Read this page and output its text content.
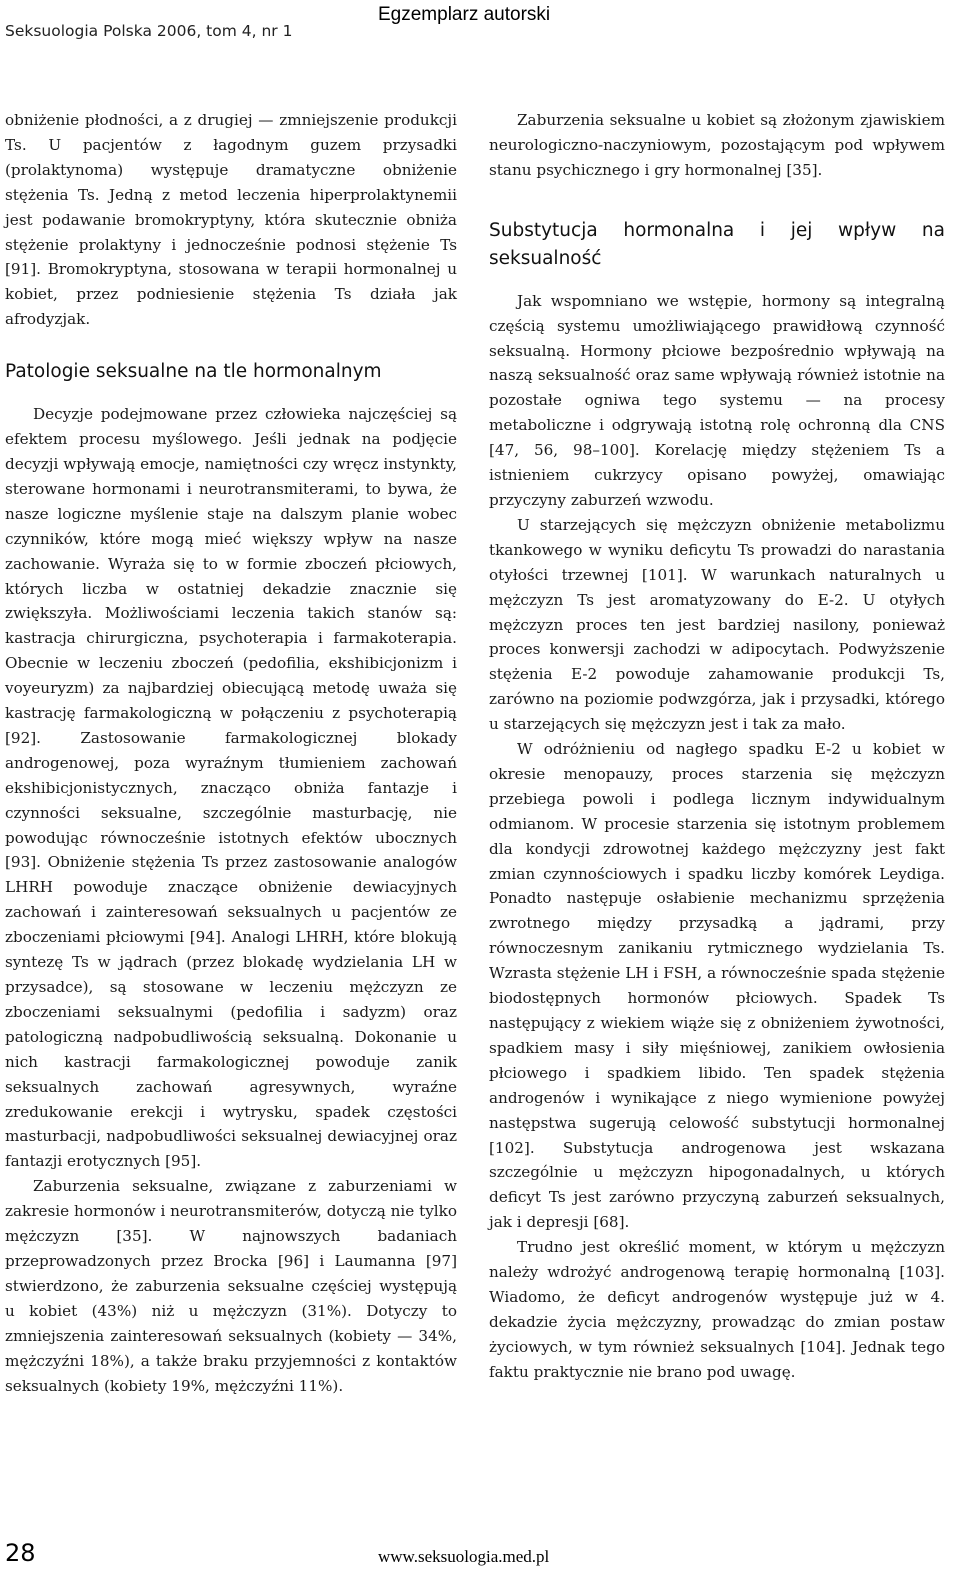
Seksuologia Polska 2006, tom 4, nr 1
Egzemplarz autorski

obniżenie płodności, a z drugiej — zmniejszenie produkcji Ts. U pacjentów z łagodnym guzem przysadki (prolaktynoma) występuje dramatyczne obniżenie stężenia Ts. Jedną z metod leczenia hiperprolaktynemii jest podawanie bromokryptyny, która skutecznie obniża stężenie prolaktyny i jednocześnie podnosi stężenie Ts [91]. Bromokryptyna, stosowana w terapii hormonalnej u kobiet, przez podniesienie stężenia Ts działa jak afrodyzjak.

Patologie seksualne na tle hormonalnym

Decyzje podejmowane przez człowieka najczęściej są efektem procesu myślowego. Jeśli jednak na podjęcie decyzji wpływają emocje, namiętności czy wręcz instynkty, sterowane hormonami i neurotransmiterami, to bywa, że nasze logiczne myślenie staje na dalszym planie wobec czynników, które mogą mieć większy wpływ na nasze zachowanie. Wyraża się to w formie zboczeń płciowych, których liczba w ostatniej dekadzie znacznie się zwiększyła. Możliwościami leczenia takich stanów są: kastracja chirurgiczna, psychoterapia i farmakoterapia. Obecnie w leczeniu zboczeń (pedofilia, ekshibicjonizm i voyeuryzm) za najbardziej obiecującą metodę uważa się kastrację farmakologiczną w połączeniu z psychoterapią [92]. Zastosowanie farmakologicznej blokady androgenowej, poza wyraźnym tłumieniem zachowań ekshibicjonistycznych, znacząco obniża fantazje i czynności seksualne, szczególnie masturbację, nie powodując równocześnie istotnych efektów ubocznych [93]. Obniżenie stężenia Ts przez zastosowanie analogów LHRH powoduje znaczące obniżenie dewiacyjnych zachowań i zainteresowań seksualnych u pacjentów ze zboczeniami płciowymi [94]. Analogi LHRH, które blokują syntezę Ts w jądrach (przez blokadę wydzielania LH w przysadce), są stosowane w leczeniu mężczyzn ze zboczeniami seksualnymi (pedofilia i sadyzm) oraz patologiczną nadpobudliwością seksualną. Dokonanie u nich kastracji farmakologicznej powoduje zanik seksualnych zachowań agresywnych, wyraźne zredukowanie erekcji i wytrysku, spadek częstości masturbacji, nadpobudliwości seksualnej dewiacyjnej oraz fantazji erotycznych [95].

Zaburzenia seksualne, związane z zaburzeniami w zakresie hormonów i neurotransmiterów, dotyczą nie tylko mężczyzn [35]. W najnowszych badaniach przeprowadzonych przez Brocka [96] i Laumanna [97] stwierdzono, że zaburzenia seksualne częściej występują u kobiet (43%) niż u mężczyzn (31%). Dotyczy to zmniejszenia zainteresowań seksualnych (kobiety — 34%, mężczyźni 18%), a także braku przyjemności z kontaktów seksualnych (kobiety 19%, mężczyźni 11%).

Zaburzenia seksualne u kobiet są złożonym zjawiskiem neurologiczno-naczyniowym, pozostającym pod wpływem stanu psychicznego i gry hormonalnej [35].

Substytucja hormonalna i jej wpływ na seksualność

Jak wspomniano we wstępie, hormony są integralną częścią systemu umożliwiającego prawidłową czynność seksualną. Hormony płciowe bezpośrednio wpływają na naszą seksualność oraz same wpływają również istotnie na pozostałe ogniwa tego systemu — na procesy metaboliczne i odgrywają istotną rolę ochronną dla CNS [47, 56, 98–100]. Korelację między stężeniem Ts a istnieniem cukrzycy opisano powyżej, omawiając przyczyny zaburzeń wzwodu.

U starzejących się mężczyzn obniżenie metabolizmu tkankowego w wyniku deficytu Ts prowadzi do narastania otyłości trzewnej [101]. W warunkach naturalnych u mężczyzn Ts jest aromatyzowany do E-2. U otyłych mężczyzn proces ten jest bardziej nasilony, ponieważ proces konwersji zachodzi w adipocytach. Podwyższenie stężenia E-2 powoduje zahamowanie produkcji Ts, zarówno na poziomie podwzgórza, jak i przysadki, którego u starzejących się mężczyzn jest i tak za mało.

W odróżnieniu od nagłego spadku E-2 u kobiet w okresie menopauzy, proces starzenia się mężczyzn przebiega powoli i podlega licznym indywidualnym odmianom. W procesie starzenia się istotnym problemem dla kondycji zdrowotnej każdego mężczyzny jest fakt zmian czynnościowych i spadku liczby komórek Leydiga. Ponadto następuje osłabienie mechanizmu sprzężenia zwrotnego między przysadką a jądrami, przy równoczesnym zanikaniu rytmicznego wydzielania Ts. Wzrasta stężenie LH i FSH, a równocześnie spada stężenie biodostępnych hormonów płciowych. Spadek Ts następujący z wiekiem wiąże się z obniżeniem żywotności, spadkiem masy i siły mięśniowej, zanikiem owłosienia płciowego i spadkiem libido. Ten spadek stężenia androgenów i wynikające z niego wymienione powyżej następstwa sugerują celowość substytucji hormonalnej [102]. Substytucja androgenowa jest wskazana szczególnie u mężczyzn hipogonadalnych, u których deficyt Ts jest zarówno przyczyną zaburzeń seksualnych, jak i depresji [68].

Trudno jest określić moment, w którym u mężczyzn należy wdrożyć androgenową terapię hormonalną [103]. Wiadomo, że deficyt androgenów występuje już w 4. dekadzie życia mężczyzny, prowadząc do zmian postaw życiowych, w tym również seksualnych [104]. Jednak tego faktu praktycznie nie brano pod uwagę.

28	www.seksuologia.med.pl
